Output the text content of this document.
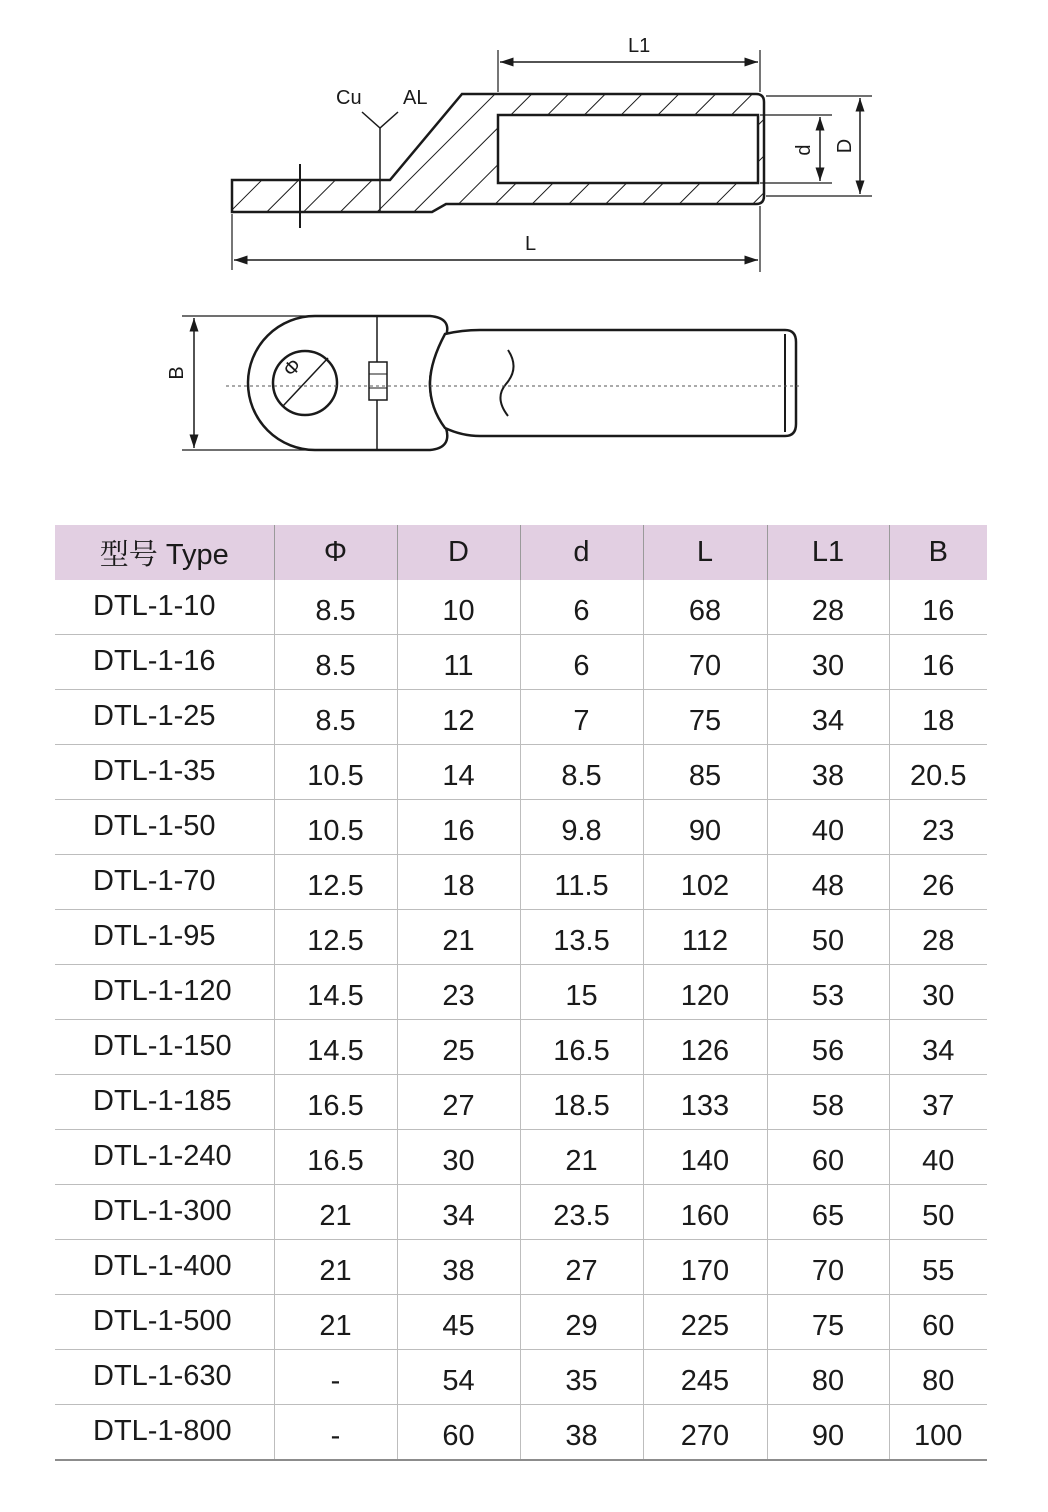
Cu AL
L1
L
d D
Φ
B
型号 Type	Φ	D	d	L	L1	B
DTL-1-10	8.5	10	6	68	28	16
DTL-1-16	8.5	11	6	70	30	16
DTL-1-25	8.5	12	7	75	34	18
DTL-1-35	10.5	14	8.5	85	38	20.5
DTL-1-50	10.5	16	9.8	90	40	23
DTL-1-70	12.5	18	11.5	102	48	26
DTL-1-95	12.5	21	13.5	112	50	28
DTL-1-120	14.5	23	15	120	53	30
DTL-1-150	14.5	25	16.5	126	56	34
DTL-1-185	16.5	27	18.5	133	58	37
DTL-1-240	16.5	30	21	140	60	40
DTL-1-300	21	34	23.5	160	65	50
DTL-1-400	21	38	27	170	70	55
DTL-1-500	21	45	29	225	75	60
DTL-1-630	-	54	35	245	80	80
DTL-1-800	-	60	38	270	90	100
